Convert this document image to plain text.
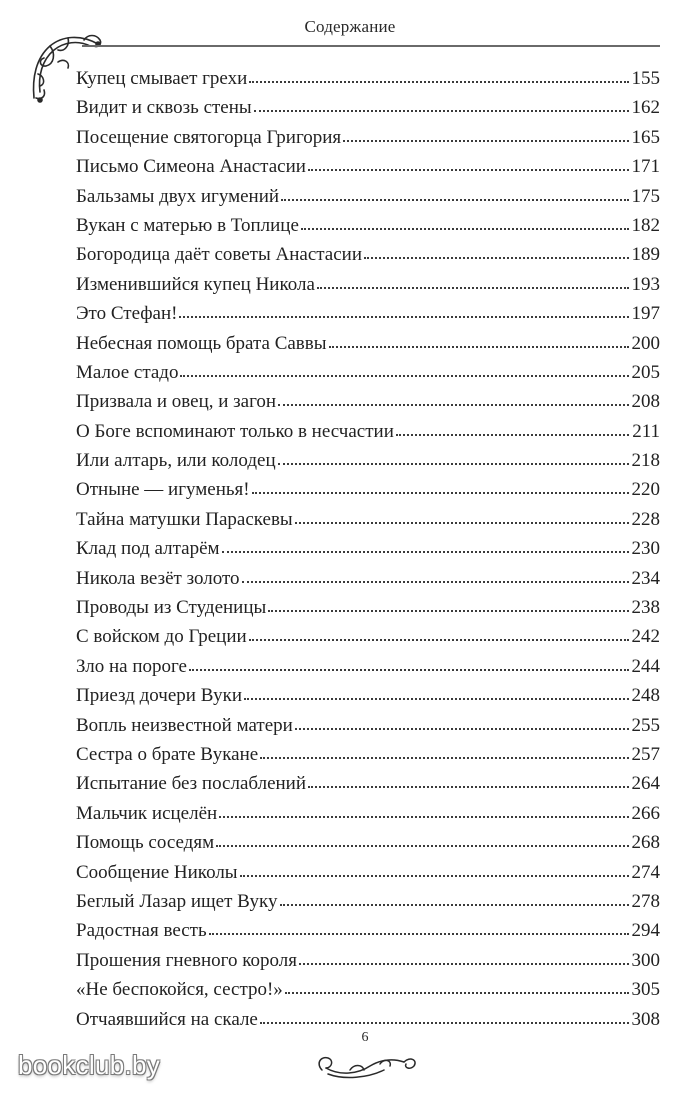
Содержание
Купец смывает грехи	155
Видит и сквозь стены	162
Посещение святогорца Григория	165
Письмо Симеона Анастасии	171
Бальзамы двух игумений	175
Вукан с матерью в Топлице	182
Богородица даёт советы Анастасии	189
Изменившийся купец Никола	193
Это Стефан!	197
Небесная помощь брата Саввы	200
Малое стадо	205
Призвала и овец, и загон	208
О Боге вспоминают только в несчастии	211
Или алтарь, или колодец	218
Отныне — игуменья!	220
Тайна матушки Параскевы	228
Клад под алтарём	230
Никола везёт золото	234
Проводы из Студеницы	238
С войском до Греции	242
Зло на пороге	244
Приезд дочери Вуки	248
Вопль неизвестной матери	255
Сестра о брате Вукане	257
Испытание без послаблений	264
Мальчик исцелён	266
Помощь соседям	268
Сообщение Николы	274
Беглый Лазар ищет Вуку	278
Радостная весть	294
Прошения гневного короля	300
«Не беспокойся, сестро!»	305
Отчаявшийся на скале	308
6
bookclub.by
